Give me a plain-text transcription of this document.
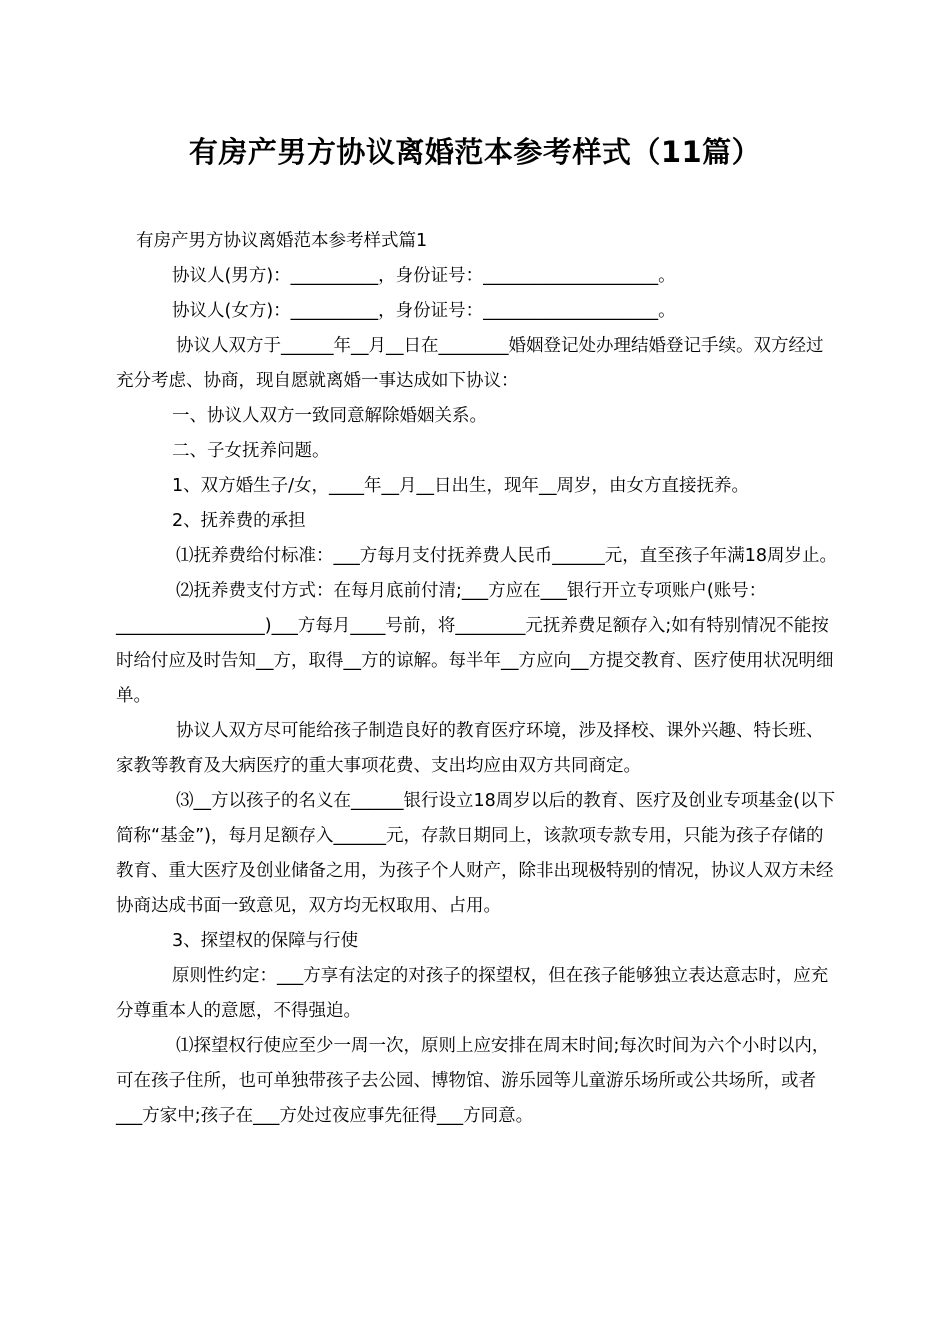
有房产男方协议离婚范本参考样式（11篇）

有房产男方协议离婚范本参考样式篇1

协议人(男方)：__________，身份证号：____________________。

协议人(女方)：__________，身份证号：____________________。

协议人双方于______年__月__日在________婚姻登记处办理结婚登记手续。双方经过充分考虑、协商，现自愿就离婚一事达成如下协议：

一、协议人双方一致同意解除婚姻关系。

二、子女抚养问题。

1、双方婚生子/女，____年__月__日出生，现年__周岁，由女方直接抚养。

2、抚养费的承担

⑴抚养费给付标准：___方每月支付抚养费人民币______元，直至孩子年满18周岁止。

⑵抚养费支付方式：在每月底前付清;___方应在___银行开立专项账户(账号：_________________)___方每月____号前，将________元抚养费足额存入;如有特别情况不能按时给付应及时告知__方，取得__方的谅解。每半年__方应向__方提交教育、医疗使用状况明细单。

协议人双方尽可能给孩子制造良好的教育医疗环境，涉及择校、课外兴趣、特长班、家教等教育及大病医疗的重大事项花费、支出均应由双方共同商定。

⑶__方以孩子的名义在______银行设立18周岁以后的教育、医疗及创业专项基金(以下简称“基金”)，每月足额存入______元，存款日期同上，该款项专款专用，只能为孩子存储的教育、重大医疗及创业储备之用，为孩子个人财产，除非出现极特别的情况，协议人双方未经协商达成书面一致意见，双方均无权取用、占用。

3、探望权的保障与行使

原则性约定：___方享有法定的对孩子的探望权，但在孩子能够独立表达意志时，应充分尊重本人的意愿，不得强迫。

⑴探望权行使应至少一周一次，原则上应安排在周末时间;每次时间为六个小时以内，可在孩子住所，也可单独带孩子去公园、博物馆、游乐园等儿童游乐场所或公共场所，或者___方家中;孩子在___方处过夜应事先征得___方同意。
